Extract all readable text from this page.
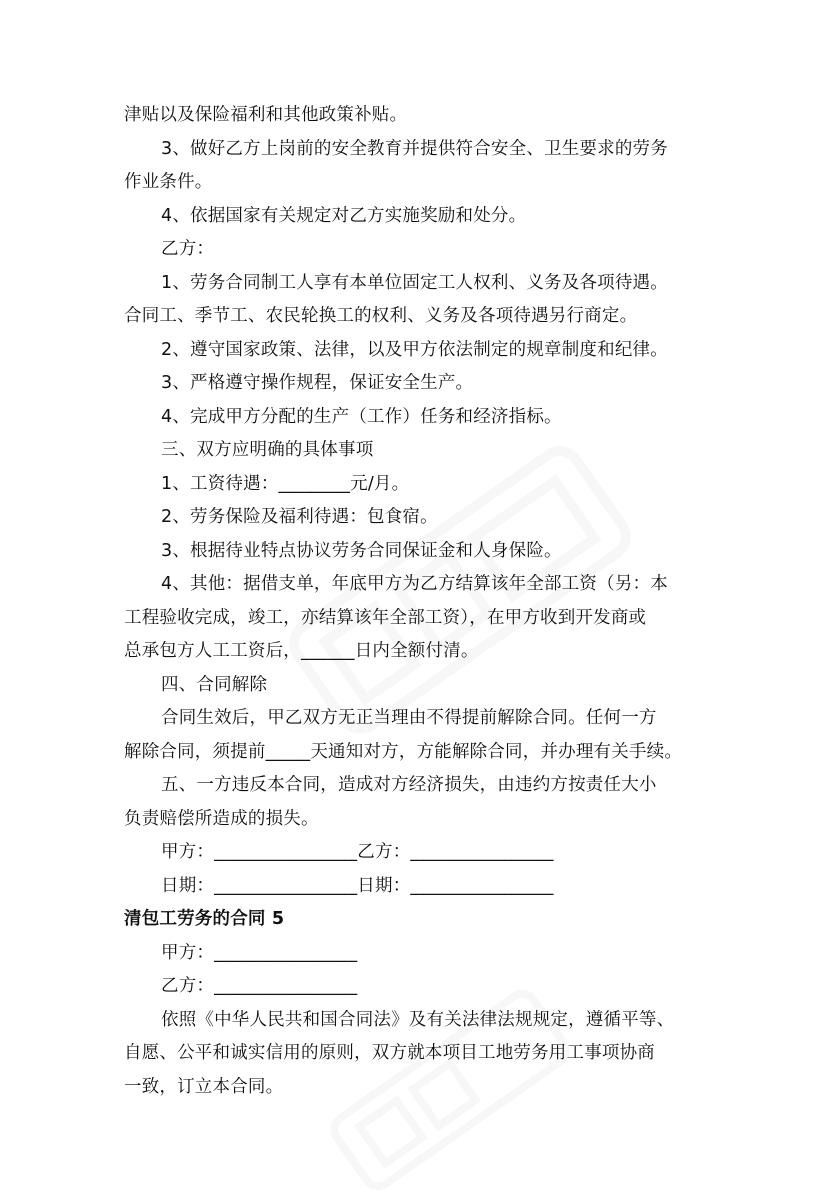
津贴以及保险福利和其他政策补贴。
3、做好乙方上岗前的安全教育并提供符合安全、卫生要求的劳务
作业条件。
4、依据国家有关规定对乙方实施奖励和处分。
乙方：
1、劳务合同制工人享有本单位固定工人权利、义务及各项待遇。
合同工、季节工、农民轮换工的权利、义务及各项待遇另行商定。
2、遵守国家政策、法律，以及甲方依法制定的规章制度和纪律。
3、严格遵守操作规程，保证安全生产。
4、完成甲方分配的生产（工作）任务和经济指标。
三、双方应明确的具体事项
1、工资待遇：________元/月。
2、劳务保险及福利待遇：包食宿。
3、根据待业特点协议劳务合同保证金和人身保险。
4、其他：据借支单，年底甲方为乙方结算该年全部工资（另：本
工程验收完成，竣工，亦结算该年全部工资），在甲方收到开发商或
总承包方人工工资后，______日内全额付清。
四、合同解除
合同生效后，甲乙双方无正当理由不得提前解除合同。任何一方
解除合同，须提前_____天通知对方，方能解除合同，并办理有关手续。
五、一方违反本合同，造成对方经济损失，由违约方按责任大小
负责赔偿所造成的损失。
甲方：________________乙方：________________
日期：________________日期：________________
清包工劳务的合同 5
甲方：________________
乙方：________________
依照《中华人民共和国合同法》及有关法律法规规定，遵循平等、
自愿、公平和诚实信用的原则，双方就本项目工地劳务用工事项协商
一致，订立本合同。
